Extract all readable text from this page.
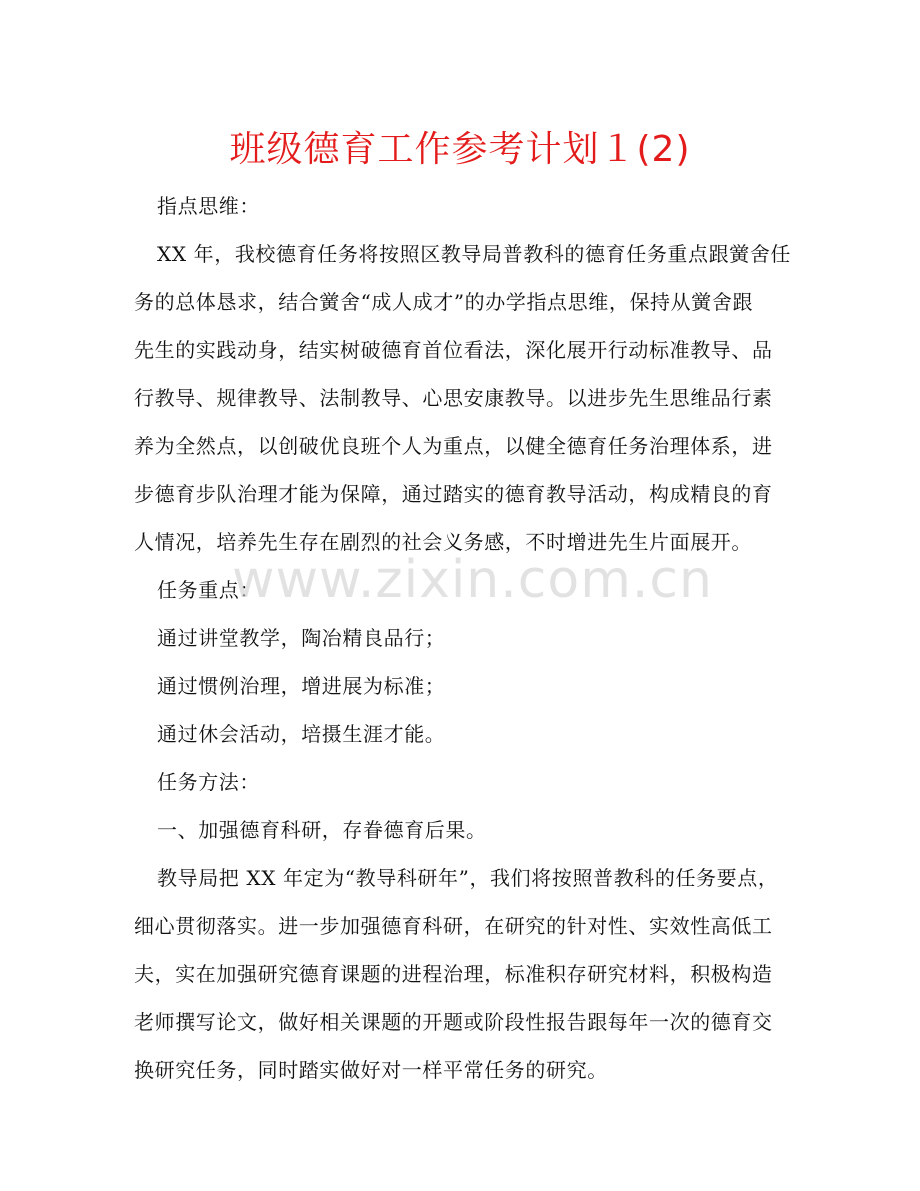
班级德育工作参考计划１(2)
指点思维：
XX 年，我校德育任务将按照区教导局普教科的德育任务重点跟黉舍任
务的总体恳求，结合黉舍“成人成才”的办学指点思维，保持从黉舍跟
先生的实践动身，结实树破德育首位看法，深化展开行动标准教导、品
行教导、规律教导、法制教导、心思安康教导。以进步先生思维品行素
养为全然点，以创破优良班个人为重点，以健全德育任务治理体系，进
步德育步队治理才能为保障，通过踏实的德育教导活动，构成精良的育
人情况，培养先生存在剧烈的社会义务感，不时增进先生片面展开。
任务重点：
通过讲堂教学，陶冶精良品行；
通过惯例治理，增进展为标准；
通过休会活动，培摄生涯才能。
任务方法：
一、加强德育科研，存眷德育后果。
教导局把 XX 年定为“教导科研年”，我们将按照普教科的任务要点，
细心贯彻落实。进一步加强德育科研，在研究的针对性、实效性高低工
夫，实在加强研究德育课题的进程治理，标准积存研究材料，积极构造
老师撰写论文，做好相关课题的开题或阶段性报告跟每年一次的德育交
换研究任务，同时踏实做好对一样平常任务的研究。
www.zixin.com.cn
